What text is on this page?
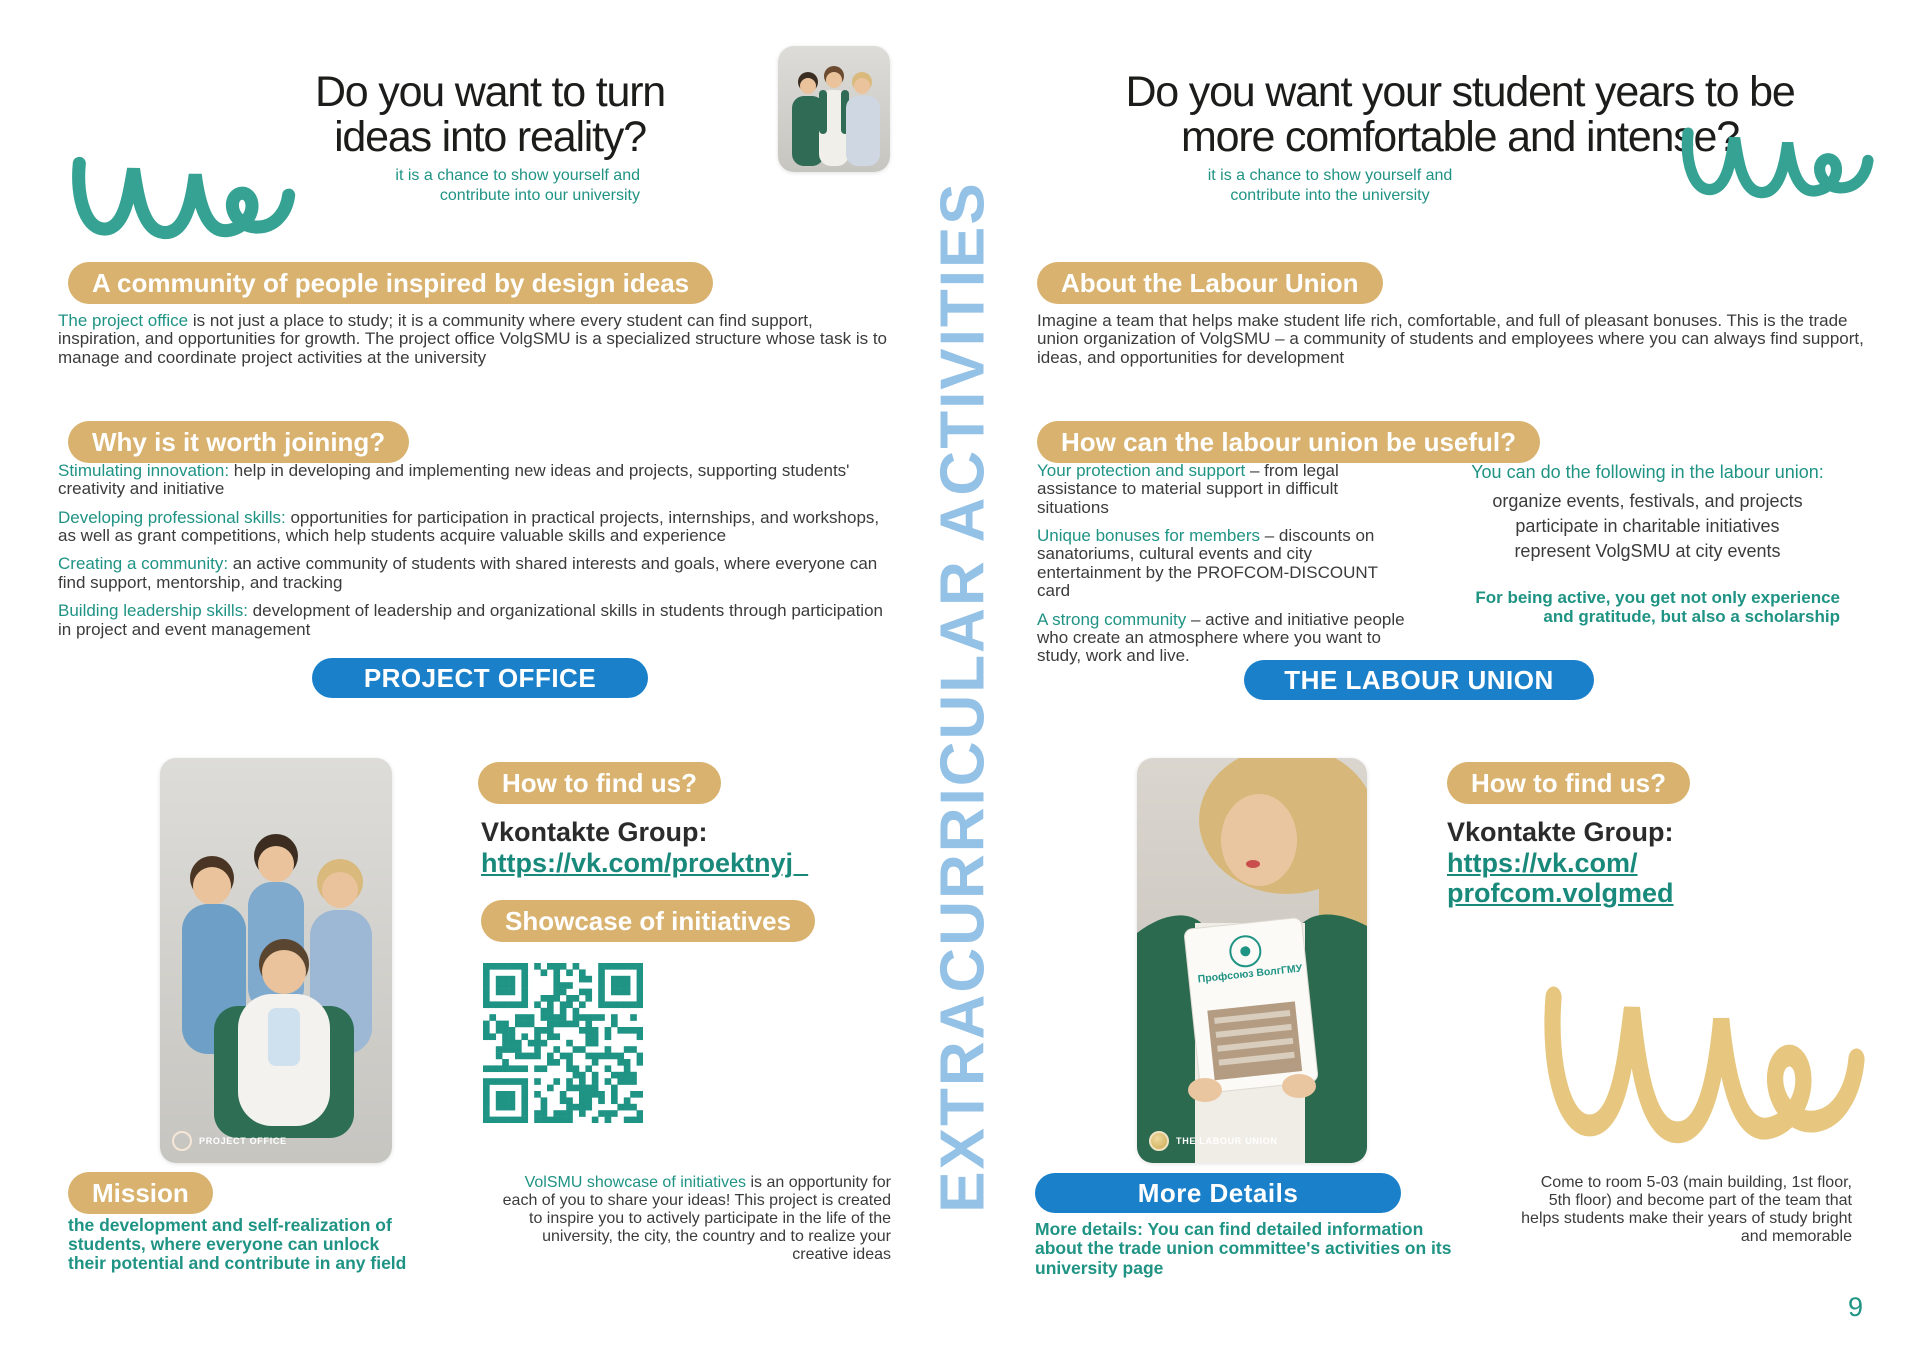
Do you want to turn
ideas into reality?
it is a chance to show yourself and
contribute into our university
A community of people inspired by design ideas

The project office is not just a place to study; it is a community where every student can find support, inspiration, and opportunities for growth. The project office VolgSMU is a specialized structure whose task is to manage and coordinate project activities at the university

Why is it worth joining?
Stimulating innovation: help in developing and implementing new ideas and projects, supporting students' creativity and initiative
Developing professional skills: opportunities for participation in practical projects, internships, and workshops, as well as grant competitions, which help students acquire valuable skills and experience
Creating a community: an active community of students with shared interests and goals, where everyone can find support, mentorship, and tracking
Building leadership skills: development of leadership and organizational skills in students through participation in project and event management
PROJECT OFFICE
PROJECT OFFICE
How to find us?
Vkontakte Group:
https://vk.com/proektnyj_
Showcase of initiatives

VolSMU showcase of initiatives is an opportunity for each of you to share your ideas! This project is created to inspire you to actively participate in the life of the university, the city, the country and to realize your creative ideas

Mission
the development and self-realization of students, where everyone can unlock their potential and contribute in any field
EXTRACURRICULAR ACTIVITIES
Do you want your student years to be
more comfortable and intense?
it is a chance to show yourself and
contribute into the university
About the Labour Union

Imagine a team that helps make student life rich, comfortable, and full of pleasant bonuses. This is the trade union organization of VolgSMU – a community of students and employees where you can always find support, ideas, and opportunities for development

How can the labour union be useful?
Your protection and support – from legal assistance to material support in difficult situations
Unique bonuses for members – discounts on sanatoriums, cultural events and city entertainment by the PROFCOM-DISCOUNT card
A strong community – active and initiative people who create an atmosphere where you want to study, work and live.
You can do the following in the labour union:
organize events, festivals, and projects
participate in charitable initiatives
represent VolgSMU at city events
For being active, you get not only experience and gratitude, but also a scholarship
THE LABOUR UNION
Профсоюз ВолгГМУ
THE LABOUR UNION
How to find us?
Vkontakte Group:
https://vk.com/
profcom.volgmed
More Details
More details: You can find detailed information about the trade union committee's activities on its university page
Come to room 5-03 (main building, 1st floor, 5th floor) and become part of the team that helps students make their years of study bright and memorable
9
